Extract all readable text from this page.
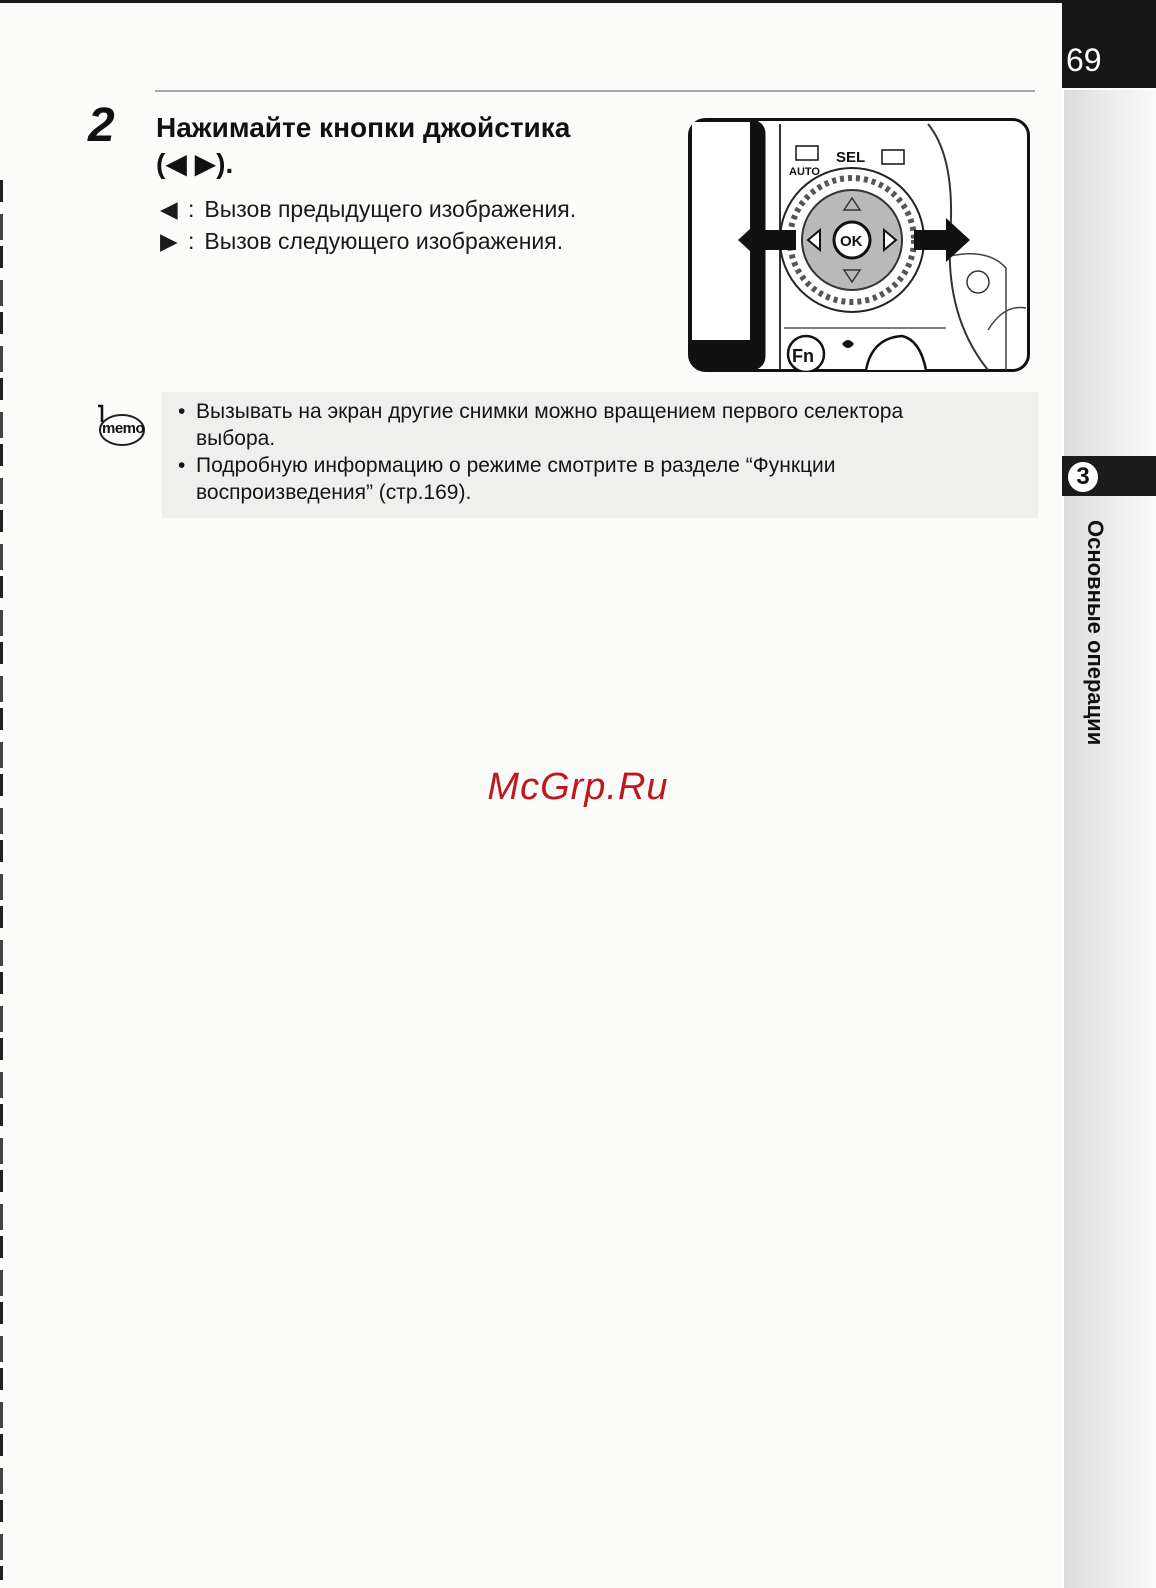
69
3
Основные операции
2 Нажимайте кнопки джойстика
(◀ ▶).
◀ : Вызов предыдущего изображения.
▶ : Вызов следующего изображения.
AUTO
SEL
OK
Fn
• Вызывать на экран другие снимки можно вращением первого селектора
выбора.
• Подробную информацию о режиме смотрите в разделе “Функции
воспроизведения” (стр.169).
memo
McGrp.Ru
